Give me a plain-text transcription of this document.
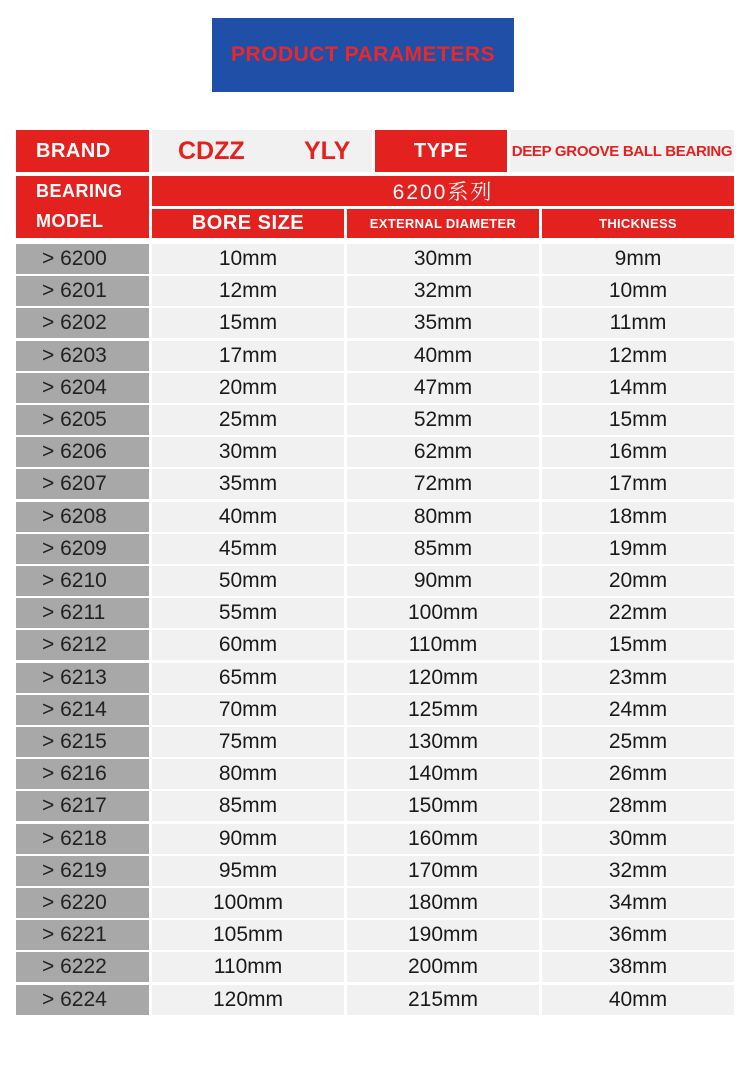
PRODUCT PARAMETERS
BRAND	CDZZ YLY	TYPE	DEEP GROOVE BALL BEARING
BEARING
MODEL
6200系列
BORE SIZE	EXTERNAL DIAMETER	THICKNESS
> 6200	10mm	30mm	9mm
> 6201	12mm	32mm	10mm
> 6202	15mm	35mm	11mm
> 6203	17mm	40mm	12mm
> 6204	20mm	47mm	14mm
> 6205	25mm	52mm	15mm
> 6206	30mm	62mm	16mm
> 6207	35mm	72mm	17mm
> 6208	40mm	80mm	18mm
> 6209	45mm	85mm	19mm
> 6210	50mm	90mm	20mm
> 6211	55mm	100mm	22mm
> 6212	60mm	110mm	15mm
> 6213	65mm	120mm	23mm
> 6214	70mm	125mm	24mm
> 6215	75mm	130mm	25mm
> 6216	80mm	140mm	26mm
> 6217	85mm	150mm	28mm
> 6218	90mm	160mm	30mm
> 6219	95mm	170mm	32mm
> 6220	100mm	180mm	34mm
> 6221	105mm	190mm	36mm
> 6222	110mm	200mm	38mm
> 6224	120mm	215mm	40mm
